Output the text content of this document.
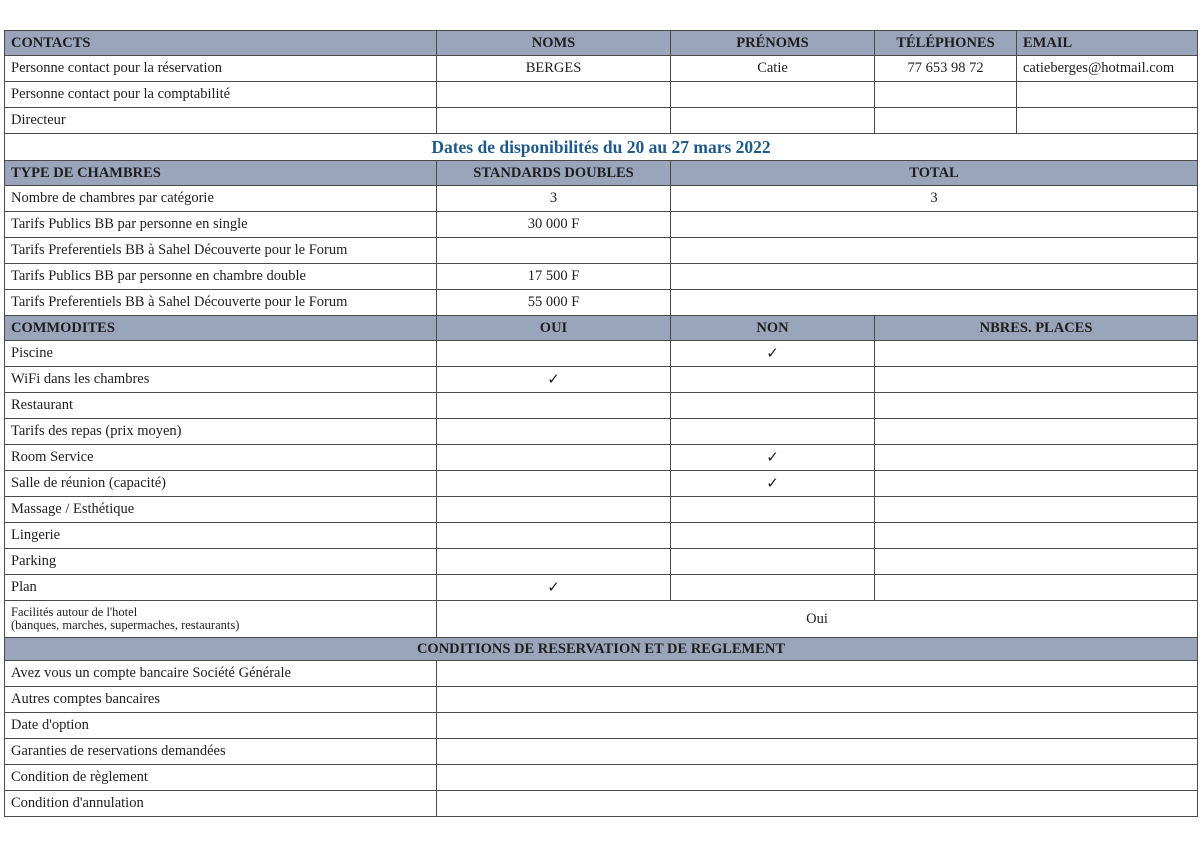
CONTACTS	NOMS	PRÉNOMS	TÉLÉPHONES	EMAIL
Personne contact pour la réservation	BERGES	Catie	77 653 98 72	catieberges@hotmail.com
Personne contact pour la comptabilité				
Directeur				
Dates de disponibilités du 20 au 27 mars 2022				
TYPE DE CHAMBRES	STANDARDS DOUBLES	TOTAL		
Nombre de chambres par catégorie	3	3		
Tarifs Publics BB par personne en single	30 000 F			
Tarifs Preferentiels BB à Sahel Découverte pour le Forum				
Tarifs Publics BB par personne en chambre double	17 500 F			
Tarifs Preferentiels BB à Sahel Découverte pour le Forum	55 000 F			
COMMODITES	OUI	NON	NBRES. PLACES	
Piscine		✓		
WiFi dans les chambres	✓			
Restaurant				
Tarifs des repas (prix moyen)				
Room Service		✓		
Salle de réunion (capacité)		✓		
Massage / Esthétique				
Lingerie				
Parking				
Plan	✓			

Facilités autour de l'hotel
(banques, marches, supermaches, restaurants)	Oui			
CONDITIONS DE RESERVATION ET DE REGLEMENT				
Avez vous un compte bancaire Société Générale				
Autres comptes bancaires				
Date d'option				
Garanties de reservations demandées				
Condition de règlement				
Condition d'annulation				
